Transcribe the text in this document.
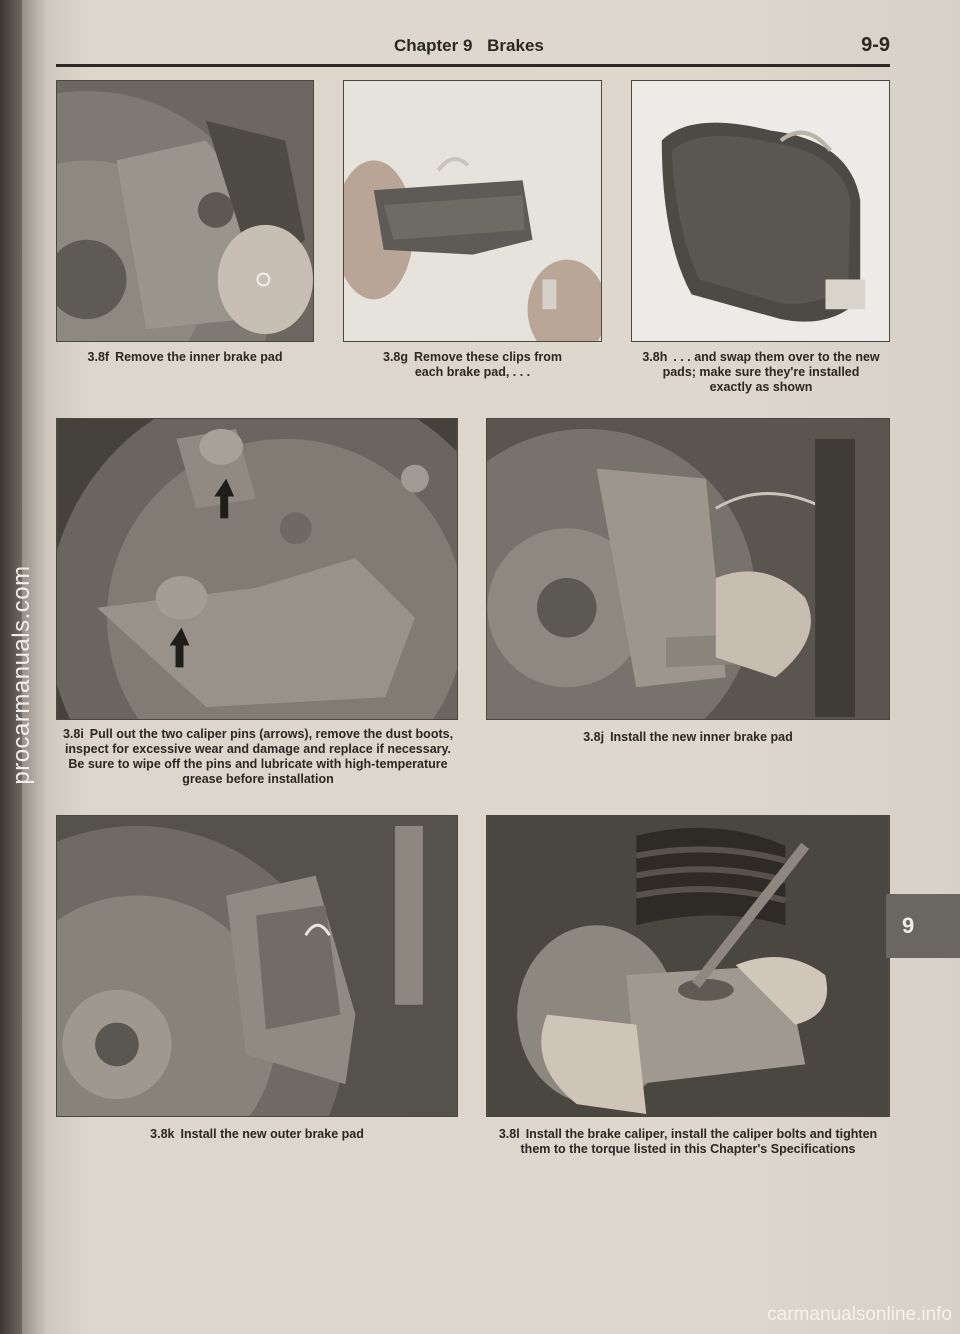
Chapter 9 Brakes	9-9
3.8f Remove the inner brake pad	3.8g Remove these clips from
each brake pad, . . .
3.8h . . . and swap them over to the new
pads; make sure they're installed
exactly as shown
3.8i Pull out the two caliper pins (arrows), remove the dust boots,
inspect for excessive wear and damage and replace if necessary.
Be sure to wipe off the pins and lubricate with high-temperature
grease before installation
3.8j Install the new inner brake pad
3.8k Install the new outer brake pad	3.8l Install the brake caliper, install the caliper bolts and tighten
them to the torque listed in this Chapter's Specifications
procarmanuals.com
9
carmanualsonline.info
